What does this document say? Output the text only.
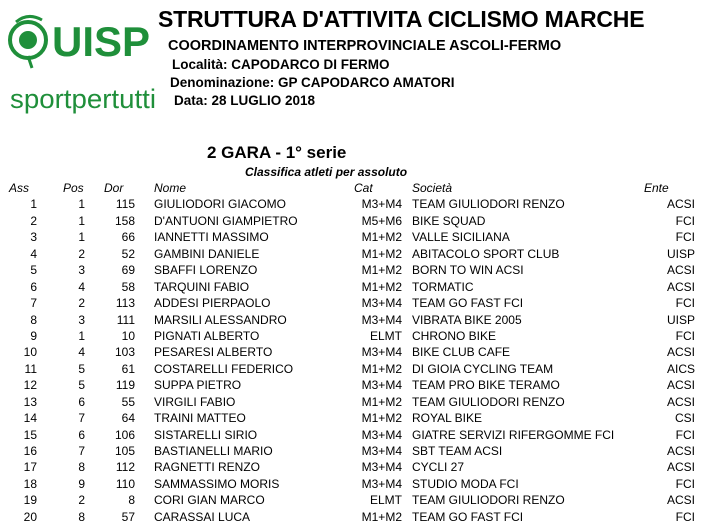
UISP
sportpertutti
STRUTTURA D'ATTIVITA CICLISMO MARCHE
COORDINAMENTO INTERPROVINCIALE ASCOLI-FERMO
Località: CAPODARCO DI FERMO
Denominazione: GP CAPODARCO AMATORI
Data: 28 LUGLIO 2018
2 GARA - 1° serie
Classifica atleti per assoluto
Ass	Pos Dor	Nome	Cat	Società	Ente
1	1	115 GIULIODORI GIACOMO	M3+M4 TEAM GIULIODORI RENZO	ACSI
2	1	158 D'ANTUONI GIAMPIETRO	M5+M6 BIKE SQUAD	FCI
3	1	66 IANNETTI MASSIMO	M1+M2 VALLE SICILIANA	FCI
4	2	52 GAMBINI DANIELE	M1+M2 ABITACOLO SPORT CLUB	UISP
5	3	69 SBAFFI LORENZO	M1+M2 BORN TO WIN ACSI	ACSI
6	4	58 TARQUINI FABIO	M1+M2 TORMATIC	ACSI
7	2	113 ADDESI PIERPAOLO	M3+M4 TEAM GO FAST FCI	FCI
8	3	111 MARSILI ALESSANDRO	M3+M4 VIBRATA BIKE 2005	UISP
9	1	10 PIGNATI ALBERTO	ELMT CHRONO BIKE	FCI
10	4	103 PESARESI ALBERTO	M3+M4 BIKE CLUB CAFE	ACSI
11	5	61 COSTARELLI FEDERICO	M1+M2 DI GIOIA CYCLING TEAM	AICS
12	5	119 SUPPA PIETRO	M3+M4 TEAM PRO BIKE TERAMO	ACSI
13	6	55 VIRGILI FABIO	M1+M2 TEAM GIULIODORI RENZO	ACSI
14	7	64 TRAINI MATTEO	M1+M2 ROYAL BIKE	CSI
15	6	106 SISTARELLI SIRIO	M3+M4 GIATRE SERVIZI RIFERGOMME FCI	FCI
16	7	105 BASTIANELLI MARIO	M3+M4 SBT TEAM ACSI	ACSI
17	8	112 RAGNETTI RENZO	M3+M4 CYCLI 27	ACSI
18	9	110 SAMMASSIMO MORIS	M3+M4 STUDIO MODA FCI	FCI
19	2	8 CORI GIAN MARCO	ELMT TEAM GIULIODORI RENZO	ACSI
20	8	57 CARASSAI LUCA	M1+M2 TEAM GO FAST FCI	FCI
